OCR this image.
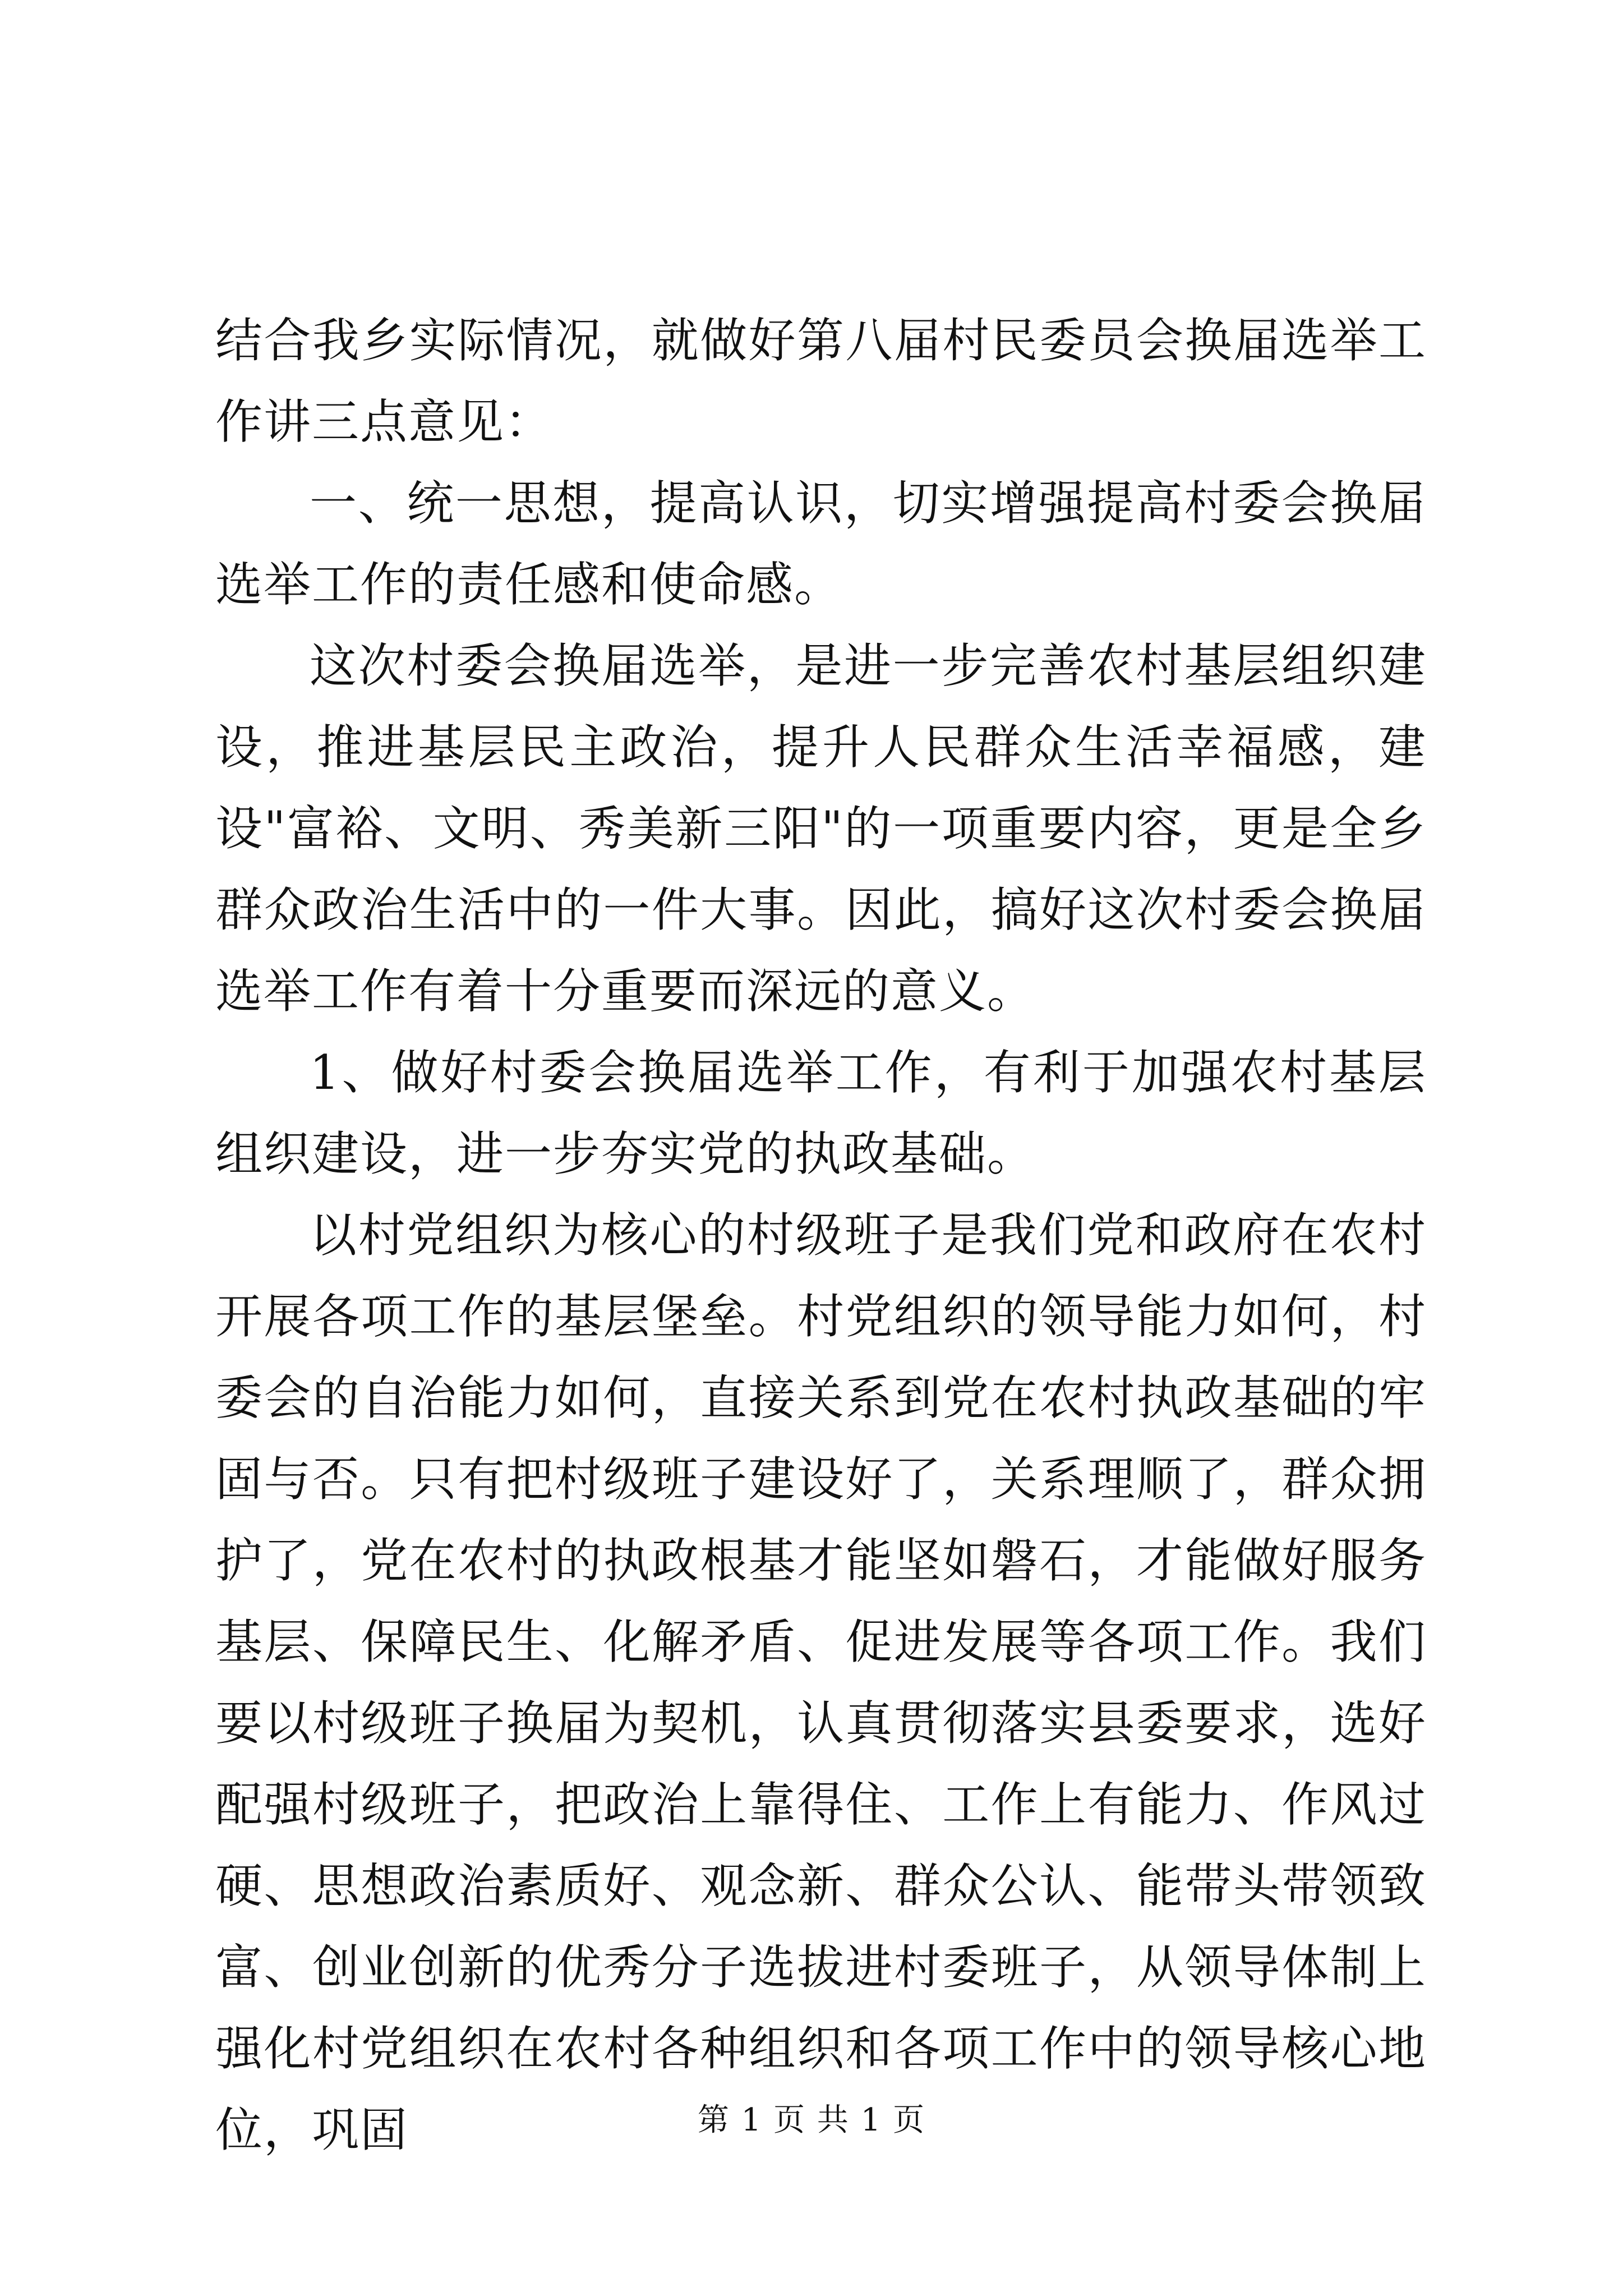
结合我乡实际情况，就做好第八届村民委员会换届选举工作讲三点意见：

一、统一思想，提高认识，切实增强提高村委会换届选举工作的责任感和使命感。

这次村委会换届选举，是进一步完善农村基层组织建设，推进基层民主政治，提升人民群众生活幸福感，建设"富裕、文明、秀美新三阳"的一项重要内容，更是全乡群众政治生活中的一件大事。因此，搞好这次村委会换届选举工作有着十分重要而深远的意义。

1、做好村委会换届选举工作，有利于加强农村基层组织建设，进一步夯实党的执政基础。

以村党组织为核心的村级班子是我们党和政府在农村开展各项工作的基层堡垒。村党组织的领导能力如何，村委会的自治能力如何，直接关系到党在农村执政基础的牢固与否。只有把村级班子建设好了，关系理顺了，群众拥护了，党在农村的执政根基才能坚如磐石，才能做好服务基层、保障民生、化解矛盾、促进发展等各项工作。我们要以村级班子换届为契机，认真贯彻落实县委要求，选好配强村级班子，把政治上靠得住、工作上有能力、作风过硬、思想政治素质好、观念新、群众公认、能带头带领致富、创业创新的优秀分子选拔进村委班子，从领导体制上强化村党组织在农村各种组织和各项工作中的领导核心地位，巩固	第 1 页 共 1 页
